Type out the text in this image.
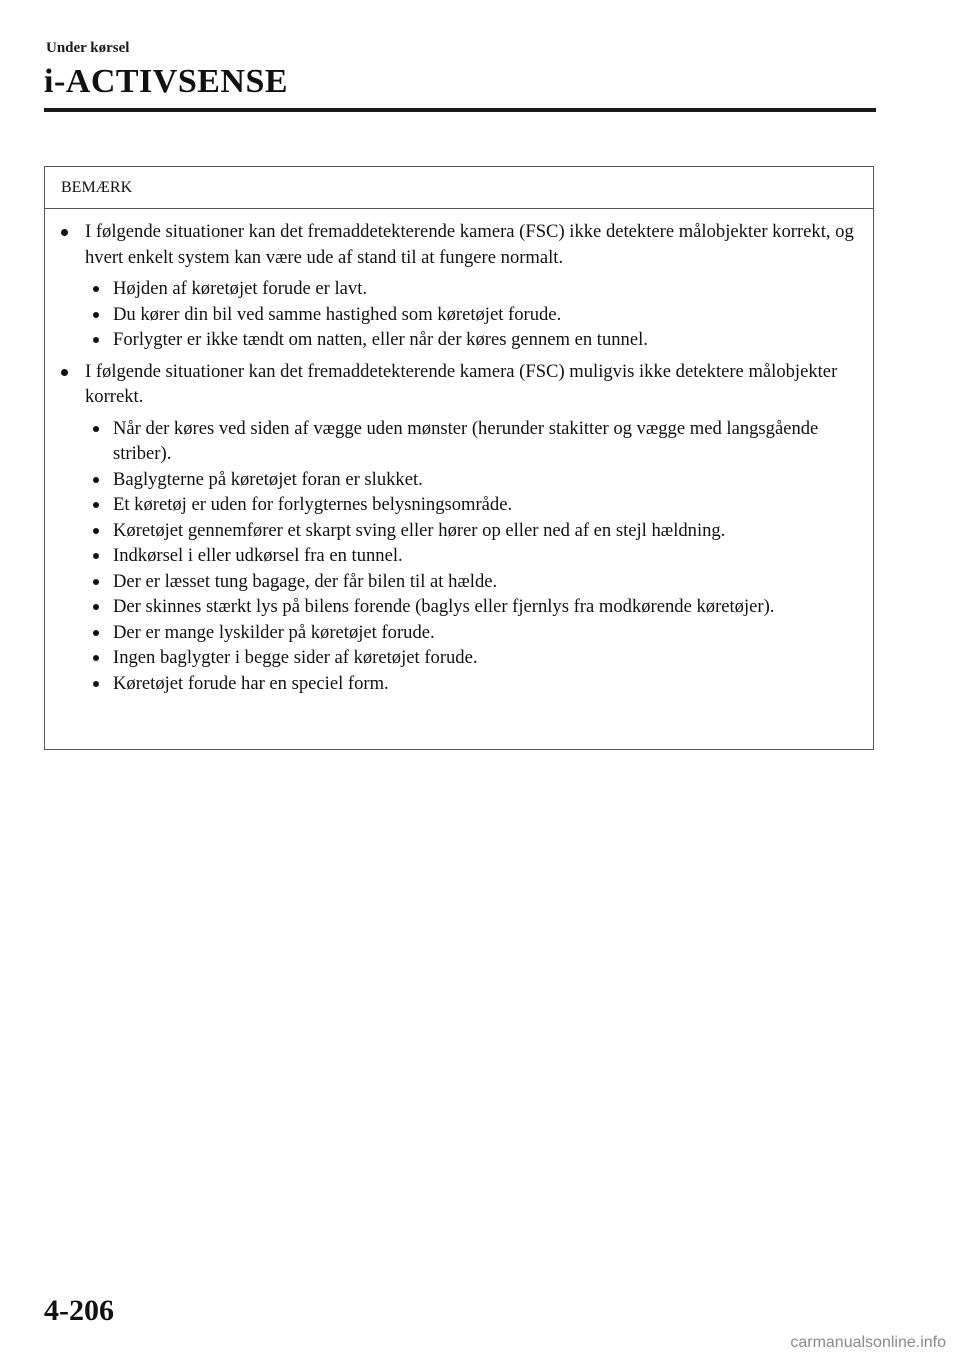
Under kørsel
i-ACTIVSENSE
BEMÆRK
I følgende situationer kan det fremaddetekterende kamera (FSC) ikke detektere målobjekter korrekt, og hvert enkelt system kan være ude af stand til at fungere normalt.
Højden af køretøjet forude er lavt.
Du kører din bil ved samme hastighed som køretøjet forude.
Forlygter er ikke tændt om natten, eller når der køres gennem en tunnel.
I følgende situationer kan det fremaddetekterende kamera (FSC) muligvis ikke detektere målobjekter korrekt.
Når der køres ved siden af vægge uden mønster (herunder stakitter og vægge med langsgående striber).
Baglygterne på køretøjet foran er slukket.
Et køretøj er uden for forlygternes belysningsområde.
Køretøjet gennemfører et skarpt sving eller hører op eller ned af en stejl hældning.
Indkørsel i eller udkørsel fra en tunnel.
Der er læsset tung bagage, der får bilen til at hælde.
Der skinnes stærkt lys på bilens forende (baglys eller fjernlys fra modkørende køretøjer).
Der er mange lyskilder på køretøjet forude.
Ingen baglygter i begge sider af køretøjet forude.
Køretøjet forude har en speciel form.
4-206
carmanualsonline.info
